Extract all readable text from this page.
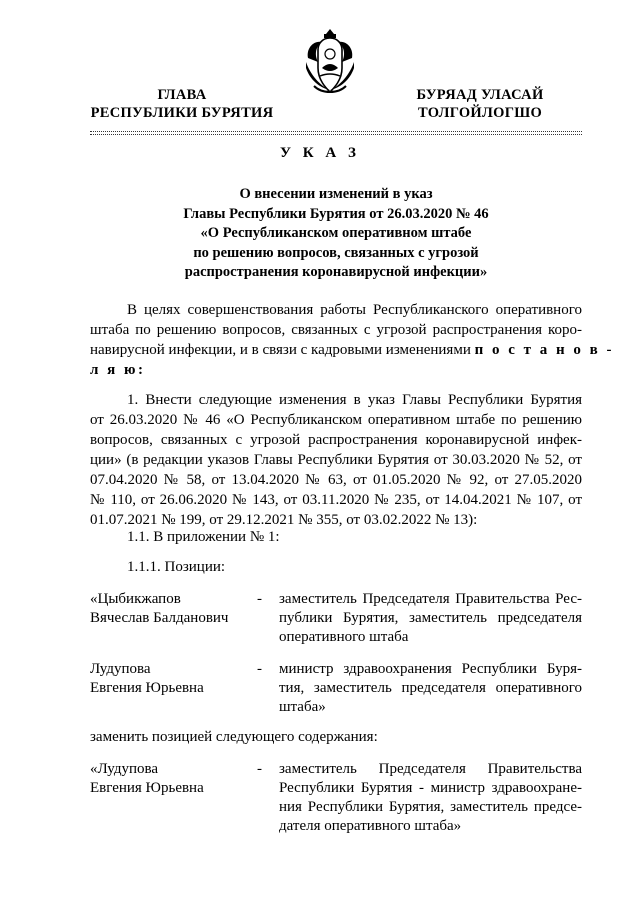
ГЛАВА
РЕСПУБЛИКИ БУРЯТИЯ
БУРЯАД УЛАСАЙ
ТОЛГОЙЛОГШО
У К А З
О внесении изменений в указ
Главы Республики Бурятия от 26.03.2020 № 46
«О Республиканском оперативном штабе
по решению вопросов, связанных с угрозой
распространения коронавирусной инфекции»
В целях совершенствования работы Республиканского оперативного
штаба по решению вопросов, связанных с угрозой распространения коро-
навирусной инфекции, и в связи с кадровыми изменениями п о с т а н о в -
л я ю:
1. Внести следующие изменения в указ Главы Республики Бурятия
от 26.03.2020 № 46 «О Республиканском оперативном штабе по решению
вопросов, связанных с угрозой распространения коронавирусной инфек-
ции» (в редакции указов Главы Республики Бурятия от 30.03.2020 № 52, от
07.04.2020 № 58, от 13.04.2020 № 63, от 01.05.2020 № 92, от 27.05.2020
№ 110, от 26.06.2020 № 143, от 03.11.2020 № 235, от 14.04.2021 № 107, от
01.07.2021 № 199, от 29.12.2021 № 355, от 03.02.2022 № 13):
1.1. В приложении № 1:
1.1.1. Позиции:
«Цыбикжапов
Вячеслав Балданович
-	заместитель Председателя Правительства Рес-
публики Бурятия, заместитель председателя
оперативного штаба
Лудупова
Евгения Юрьевна
-	министр здравоохранения Республики Буря-
тия, заместитель председателя оперативного
штаба»
заменить позицией следующего содержания:
«Лудупова
Евгения Юрьевна
-	заместитель Председателя Правительства
Республики Бурятия - министр здравоохране-
ния Республики Бурятия, заместитель предсе-
дателя оперативного штаба»
